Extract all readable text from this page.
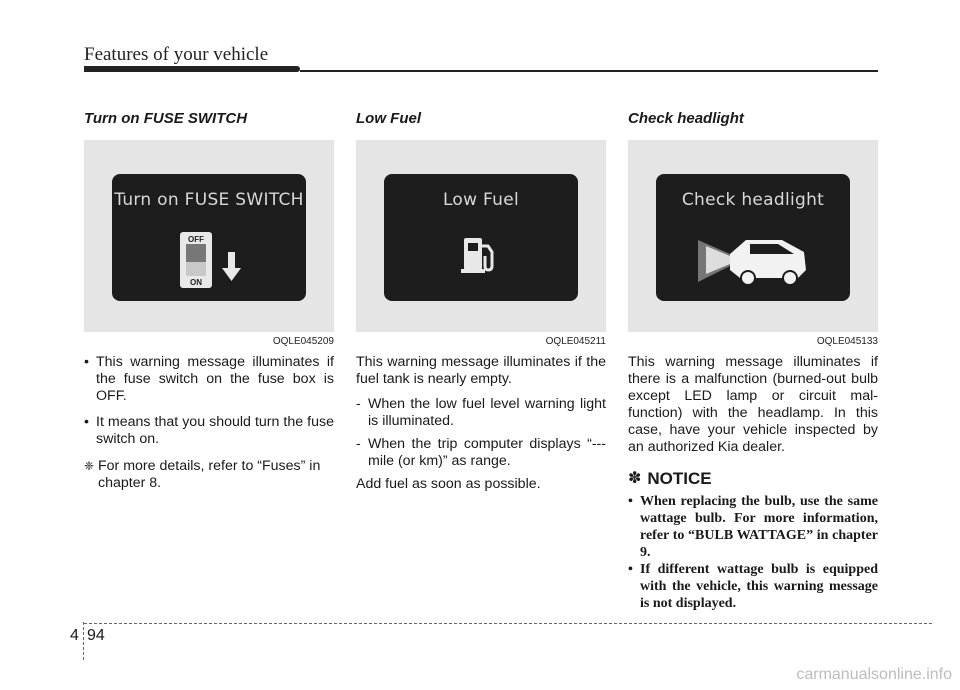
Features of your vehicle
Turn on FUSE SWITCH
Turn on FUSE SWITCH
OFF
ON
OQLE045209
• This warning message illuminates if the fuse switch on the fuse box is OFF.
• It means that you should turn the fuse switch on.
❈ For more details, refer to “Fuses” in chapter 8.
Low Fuel
Low Fuel
OQLE045211

This warning message illuminates if the fuel tank is nearly empty.

- When the low fuel level warning light is illuminated.
- When the trip computer displays “--- mile (or km)” as range.

Add fuel as soon as possible.

Check headlight
Check headlight
OQLE045133

This warning message illuminates if there is a malfunction (burned-out bulb except LED lamp or circuit mal- function) with the headlamp. In this case, have your vehicle inspected by an authorized Kia dealer.

✽ NOTICE
• When replacing the bulb, use the same wattage bulb. For more information, refer to “BULB WATTAGE” in chapter 9.
• If different wattage bulb is equipped with the vehicle, this warning message is not displayed.
4 94
carmanualsonline.info
